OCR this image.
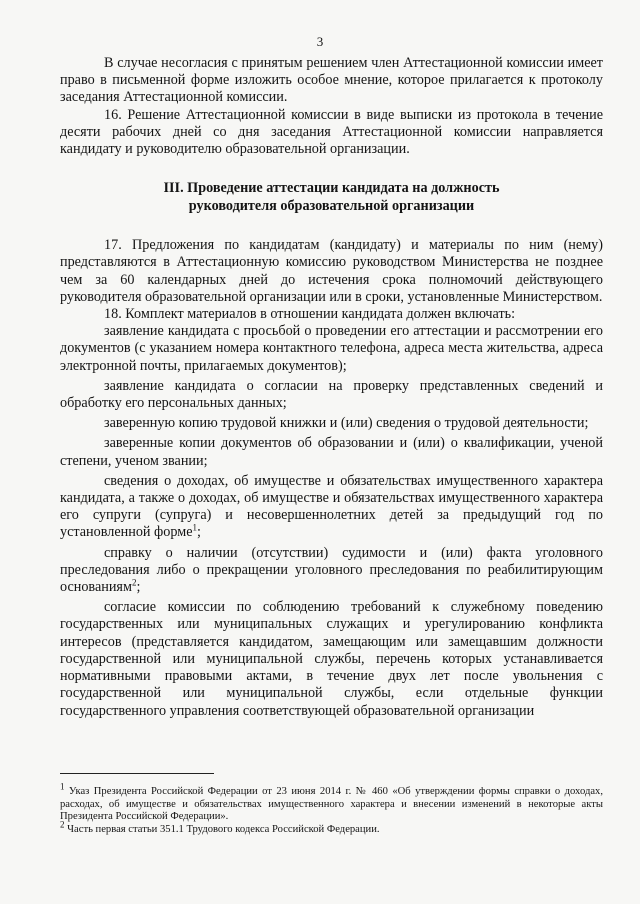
3

В случае несогласия с принятым решением член Аттестационной комиссии имеет право в письменной форме изложить особое мнение, которое прилагается к протоколу заседания Аттестационной комиссии.

16. Решение Аттестационной комиссии в виде выписки из протокола в течение десяти рабочих дней со дня заседания Аттестационной комиссии направляется кандидату и руководителю образовательной организации.

III. Проведение аттестации кандидата на должность
руководителя образовательной организации

17. Предложения по кандидатам (кандидату) и материалы по ним (нему) представляются в Аттестационную комиссию руководством Министерства не позднее чем за 60 календарных дней до истечения срока полномочий действующего руководителя образовательной организации или в сроки, установленные Министерством.

18. Комплект материалов в отношении кандидата должен включать:

заявление кандидата с просьбой о проведении его аттестации и рассмотрении его документов (с указанием номера контактного телефона, адреса места жительства, адреса электронной почты, прилагаемых документов);

заявление кандидата о согласии на проверку представленных сведений и обработку его персональных данных;

заверенную копию трудовой книжки и (или) сведения о трудовой деятельности;

заверенные копии документов об образовании и (или) о квалификации, ученой степени, ученом звании;

сведения о доходах, об имуществе и обязательствах имущественного характера кандидата, а также о доходах, об имуществе и обязательствах имущественного характера его супруги (супруга) и несовершеннолетних детей за предыдущий год по установленной форме$^1$;

справку о наличии (отсутствии) судимости и (или) факта уголовного преследования либо о прекращении уголовного преследования по реабилитирующим основаниям$^2$;

согласие комиссии по соблюдению требований к служебному поведению государственных или муниципальных служащих и урегулированию конфликта интересов (представляется кандидатом, замещающим или замещавшим должности государственной или муниципальной службы, перечень которых устанавливается нормативными правовыми актами, в течение двух лет после увольнения с государственной или муниципальной службы, если отдельные функции государственного управления соответствующей образовательной организации

$^1$ Указ Президента Российской Федерации от 23 июня 2014 г. № 460 «Об утверждении формы справки о доходах, расходах, об имуществе и обязательствах имущественного характера и внесении изменений в некоторые акты Президента Российской Федерации».

$^2$ Часть первая статьи 351.1 Трудового кодекса Российской Федерации.
